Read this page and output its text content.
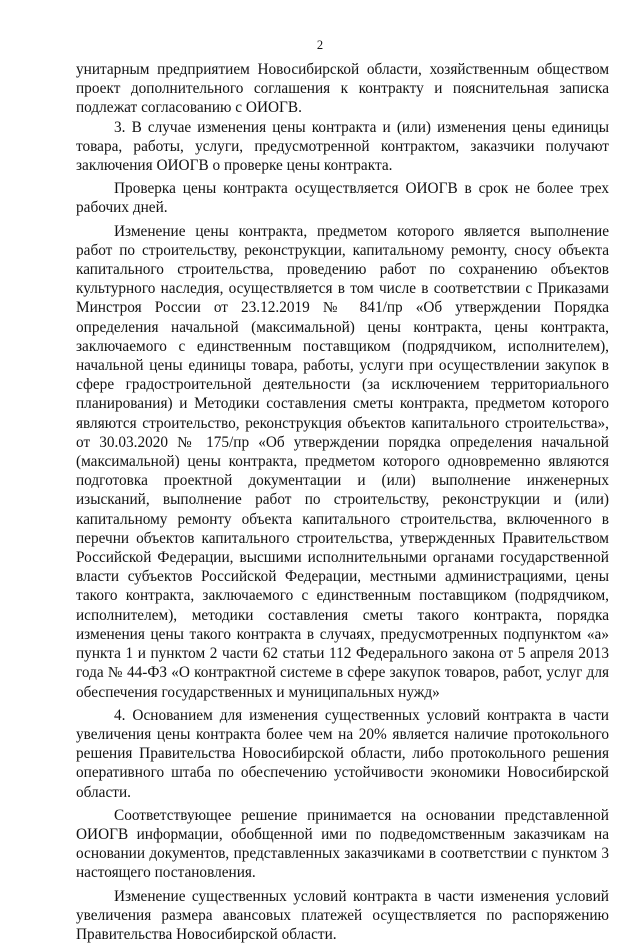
2

унитарным предприятием Новосибирской области, хозяйственным обществом проект дополнительного соглашения к контракту и пояснительная записка подлежат согласованию с ОИОГВ.

3. В случае изменения цены контракта и (или) изменения цены единицы товара, работы, услуги, предусмотренной контрактом, заказчики получают заключения ОИОГВ о проверке цены контракта.

Проверка цены контракта осуществляется ОИОГВ в срок не более трех рабочих дней.

Изменение цены контракта, предметом которого является выполнение работ по строительству, реконструкции, капитальному ремонту, сносу объекта капитального строительства, проведению работ по сохранению объектов культурного наследия, осуществляется в том числе в соответствии с Приказами Минстроя России от 23.12.2019 № 841/пр «Об утверждении Порядка определения начальной (максимальной) цены контракта, цены контракта, заключаемого с единственным поставщиком (подрядчиком, исполнителем), начальной цены единицы товара, работы, услуги при осуществлении закупок в сфере градостроительной деятельности (за исключением территориального планирования) и Методики составления сметы контракта, предметом которого являются строительство, реконструкция объектов капитального строительства», от 30.03.2020 № 175/пр «Об утверждении порядка определения начальной (максимальной) цены контракта, предметом которого одновременно являются подготовка проектной документации и (или) выполнение инженерных изысканий, выполнение работ по строительству, реконструкции и (или) капитальному ремонту объекта капитального строительства, включенного в перечни объектов капитального строительства, утвержденных Правительством Российской Федерации, высшими исполнительными органами государственной власти субъектов Российской Федерации, местными администрациями, цены такого контракта, заключаемого с единственным поставщиком (подрядчиком, исполнителем), методики составления сметы такого контракта, порядка изменения цены такого контракта в случаях, предусмотренных подпунктом «а» пункта 1 и пунктом 2 части 62 статьи 112 Федерального закона от 5 апреля 2013 года № 44-ФЗ «О контрактной системе в сфере закупок товаров, работ, услуг для обеспечения государственных и муниципальных нужд»

4. Основанием для изменения существенных условий контракта в части увеличения цены контракта более чем на 20% является наличие протокольного решения Правительства Новосибирской области, либо протокольного решения оперативного штаба по обеспечению устойчивости экономики Новосибирской области.

Соответствующее решение принимается на основании представленной ОИОГВ информации, обобщенной ими по подведомственным заказчикам на основании документов, представленных заказчиками в соответствии с пунктом 3 настоящего постановления.

Изменение существенных условий контракта в части изменения условий увеличения размера авансовых платежей осуществляется по распоряжению Правительства Новосибирской области.
